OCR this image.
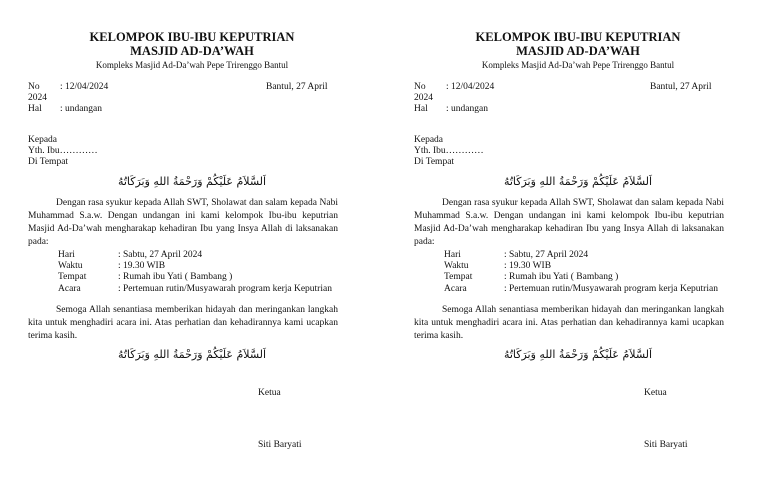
KELOMPOK IBU-IBU KEPUTRIAN
MASJID AD-DA’WAH
Kompleks Masjid Ad-Da’wah Pepe Trirenggo Bantul
No : 12/04/2024	Bantul, 27 April
2024
Hal : undangan
Kepada
Yth. Ibu…………
Di Tempat
اَلسَّلاَمُ عَلَيْكُمْ وَرَحْمَةُ اللهِ وَبَرَكَاتُهُ
Dengan rasa syukur kepada Allah SWT, Sholawat dan salam kepada Nabi Muhammad S.a.w. Dengan undangan ini kami kelompok Ibu-ibu keputrian Masjid Ad-Da’wah mengharakap kehadiran Ibu yang Insya Allah di laksanakan pada:
Hari	: Sabtu, 27 April 2024
Waktu	: 19.30 WIB
Tempat	: Rumah ibu Yati ( Bambang )
Acara	: Pertemuan rutin/Musyawarah program kerja Keputrian
Semoga Allah senantiasa memberikan hidayah dan meringankan langkah kita untuk menghadiri acara ini. Atas perhatian dan kehadirannya kami ucapkan terima kasih.
اَلسَّلاَمُ عَلَيْكُمْ وَرَحْمَةُ اللهِ وَبَرَكَاتُهُ
Ketua
Siti Baryati
KELOMPOK IBU-IBU KEPUTRIAN
MASJID AD-DA’WAH
Kompleks Masjid Ad-Da’wah Pepe Trirenggo Bantul
No : 12/04/2024	Bantul, 27 April
2024
Hal : undangan
Kepada
Yth. Ibu…………
Di Tempat
اَلسَّلاَمُ عَلَيْكُمْ وَرَحْمَةُ اللهِ وَبَرَكَاتُهُ
Dengan rasa syukur kepada Allah SWT, Sholawat dan salam kepada Nabi Muhammad S.a.w. Dengan undangan ini kami kelompok Ibu-ibu keputrian Masjid Ad-Da’wah mengharakap kehadiran Ibu yang Insya Allah di laksanakan pada:
Hari	: Sabtu, 27 April 2024
Waktu	: 19.30 WIB
Tempat	: Rumah ibu Yati ( Bambang )
Acara	: Pertemuan rutin/Musyawarah program kerja Keputrian
Semoga Allah senantiasa memberikan hidayah dan meringankan langkah kita untuk menghadiri acara ini. Atas perhatian dan kehadirannya kami ucapkan terima kasih.
اَلسَّلاَمُ عَلَيْكُمْ وَرَحْمَةُ اللهِ وَبَرَكَاتُهُ
Ketua
Siti Baryati
